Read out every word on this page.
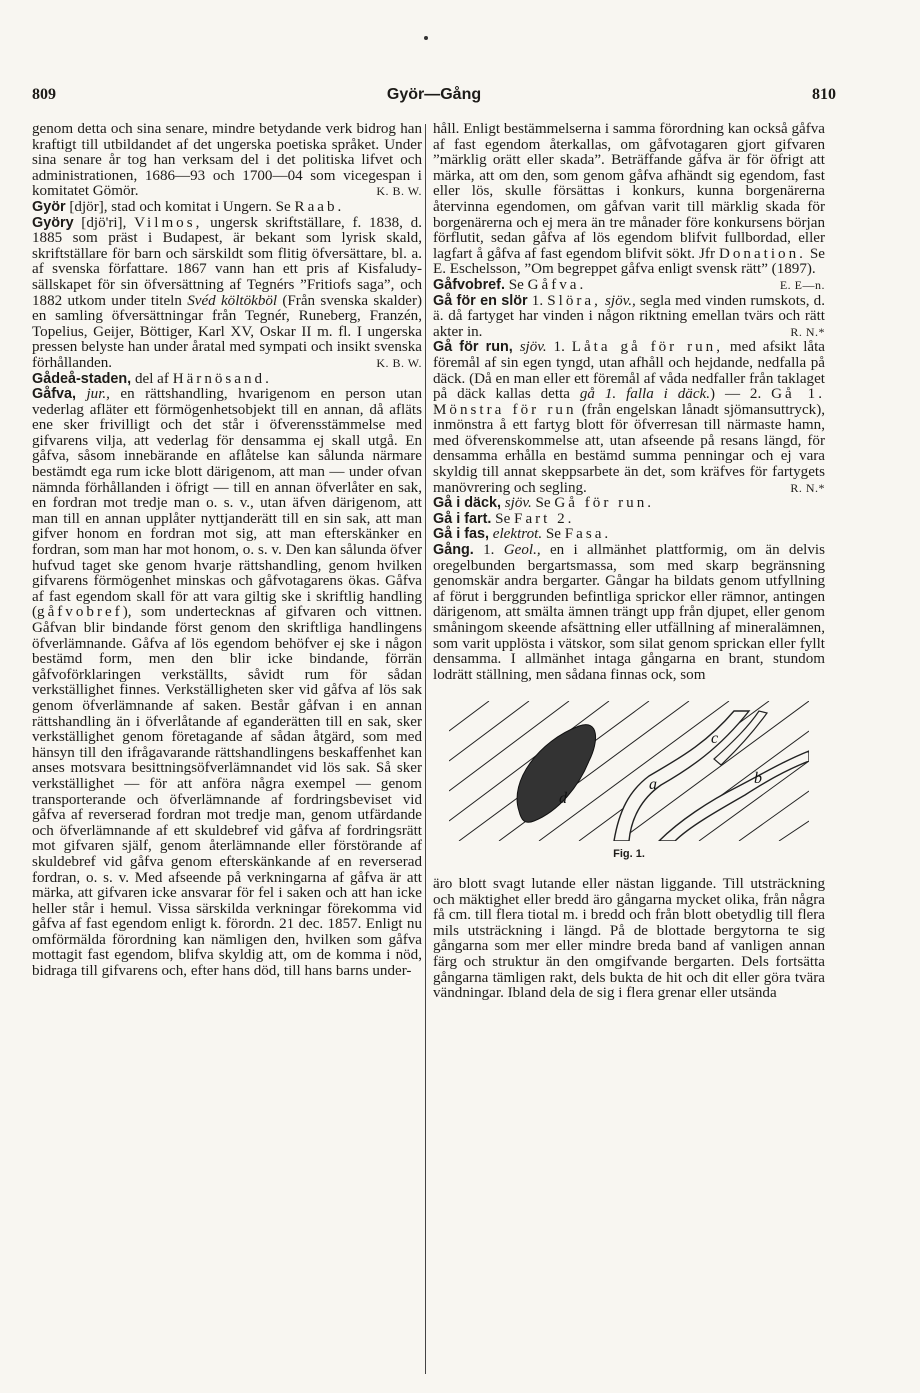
809	Györ—Gång	810

genom detta och sina senare, mindre betydande verk bidrog han kraftigt till utbildandet af det ungerska poetiska språket. Under sina senare år tog han verksam del i det politiska lifvet och administrationen, 1686—93 och 1700—04 som vicegespan i komitatet Gömör.	K. B. W.

Györ [djör], stad och komitat i Ungern. Se Raab.

Györy [djö'ri], Vilmos, ungersk skriftställare, f. 1838, d. 1885 som präst i Budapest, är bekant som lyrisk skald, skriftställare för barn och särskildt som flitig öfversättare, bl. a. af svenska författare. 1867 vann han ett pris af Kisfaludy-sällskapet för sin öfversättning af Tegnérs ”Fritiofs saga”, och 1882 utkom under titeln Svéd költökböl (Från svenska skalder) en samling öfversättningar från Tegnér, Runeberg, Franzén, Topelius, Geijer, Böttiger, Karl XV, Oskar II m. fl. I ungerska pressen belyste han under åratal med sympati och insikt svenska förhållanden.	K. B. W.

Gådeå-staden, del af Härnösand.

Gåfva, jur., en rättshandling, hvarigenom en person utan vederlag afläter ett förmögenhetsobjekt till en annan, då afläts ene sker frivilligt och det står i öfverensstämmelse med gifvarens vilja, att vederlag för densamma ej skall utgå. En gåfva, såsom innebärande en aflåtelse kan sålunda närmare bestämdt ega rum icke blott därigenom, att man — under ofvan nämnda förhållanden i öfrigt — till en annan öfverlåter en sak, en fordran mot tredje man o. s. v., utan äfven därigenom, att man till en annan upplåter nyttjanderätt till en sin sak, att man gifver honom en fordran mot sig, att man efterskänker en fordran, som man har mot honom, o. s. v. Den kan sålunda öfver hufvud taget ske genom hvarje rättshandling, genom hvilken gifvarens förmögenhet minskas och gåfvotagarens ökas. Gåfva af fast egendom skall för att vara giltig ske i skriftlig handling (gåfvobref), som undertecknas af gifvaren och vittnen. Gåfvan blir bindande först genom den skriftliga handlingens öfverlämnande. Gåfva af lös egendom behöfver ej ske i någon bestämd form, men den blir icke bindande, förrän gåfvoförklaringen verkställts, såvidt rum för sådan verkställighet finnes. Verkställigheten sker vid gåfva af lös sak genom öfverlämnande af saken. Består gåfvan i en annan rättshandling än i öfverlåtande af eganderätten till en sak, sker verkställighet genom företagande af sådan åtgärd, som med hänsyn till den ifrågavarande rättshandlingens beskaffenhet kan anses motsvara besittningsöfverlämnandet vid lös sak. Så sker verkställighet — för att anföra några exempel — genom transporterande och öfverlämnande af fordringsbeviset vid gåfva af reverserad fordran mot tredje man, genom utfärdande och öfverlämnande af ett skuldebref vid gåfva af fordringsrätt mot gifvaren själf, genom återlämnande eller förstörande af skuldebref vid gåfva genom efterskänkande af en reverserad fordran, o. s. v. Med afseende på verkningarna af gåfva är att märka, att gifvaren icke ansvarar för fel i saken och att han icke heller står i hemul. Vissa särskilda verkningar förekomma vid gåfva af fast egendom enligt k. förordn. 21 dec. 1857. Enligt nu omförmälda förordning kan nämligen den, hvilken som gåfva mottagit fast egendom, blifva skyldig att, om de komma i nöd, bidraga till gifvarens och, efter hans död, till hans barns under-

håll. Enligt bestämmelserna i samma förordning kan också gåfva af fast egendom återkallas, om gåfvotagaren gjort gifvaren ”märklig orätt eller skada”. Beträffande gåfva är för öfrigt att märka, att om den, som genom gåfva afhändt sig egendom, fast eller lös, skulle försättas i konkurs, kunna borgenärerna återvinna egendomen, om gåfvan varit till märklig skada för borgenärerna och ej mera än tre månader före konkursens början förflutit, sedan gåfva af lös egendom blifvit fullbordad, eller lagfart å gåfva af fast egendom blifvit sökt. Jfr Donation. Se E. Eschelsson, ”Om begreppet gåfva enligt svensk rätt” (1897).
E. E—n.

Gåfvobref. Se Gåfva.

Gå för en slör 1. Slöra, sjöv., segla med vinden rumskots, d. ä. då fartyget har vinden i någon riktning emellan tvärs och rätt akter in.	R. N.*

Gå för run, sjöv. 1. Låta gå för run, med afsikt låta föremål af sin egen tyngd, utan afhåll och hejdande, nedfalla på däck. (Då en man eller ett föremål af våda nedfaller från taklaget på däck kallas detta gå 1. falla i däck.) — 2. Gå 1. Mönstra för run (från engelskan lånadt sjömansuttryck), inmönstra å ett fartyg blott för öfverresan till närmaste hamn, med öfverenskommelse att, utan afseende på resans längd, för densamma erhålla en bestämd summa penningar och ej vara skyldig till annat skeppsarbete än det, som kräfves för fartygets manövrering och segling.	R. N.*

Gå i däck, sjöv. Se Gå för run.

Gå i fart. Se Fart 2.

Gå i fas, elektrot. Se Fasa.

Gång. 1. Geol., en i allmänhet plattformig, om än delvis oregelbunden bergartsmassa, som med skarp begränsning genomskär andra bergarter. Gångar ha bildats genom utfyllning af förut i berggrunden befintliga sprickor eller rämnor, antingen därigenom, att smälta ämnen trängt upp från djupet, eller genom småningom skeende afsättning eller utfällning af mineralämnen, som varit upplösta i vätskor, som silat genom sprickan eller fyllt densamma. I allmänhet intaga gångarna en brant, stundom lodrätt ställning, men sådana finnas ock, som

a	b
c
d
Fig. 1.

äro blott svagt lutande eller nästan liggande. Till utsträckning och mäktighet eller bredd äro gångarna mycket olika, från några få cm. till flera tiotal m. i bredd och från blott obetydlig till flera mils utsträckning i längd. På de blottade bergytorna te sig gångarna som mer eller mindre breda band af vanligen annan färg och struktur än den omgifvande bergarten. Dels fortsätta gångarna tämligen rakt, dels bukta de hit och dit eller göra tvära vändningar. Ibland dela de sig i flera grenar eller utsända
